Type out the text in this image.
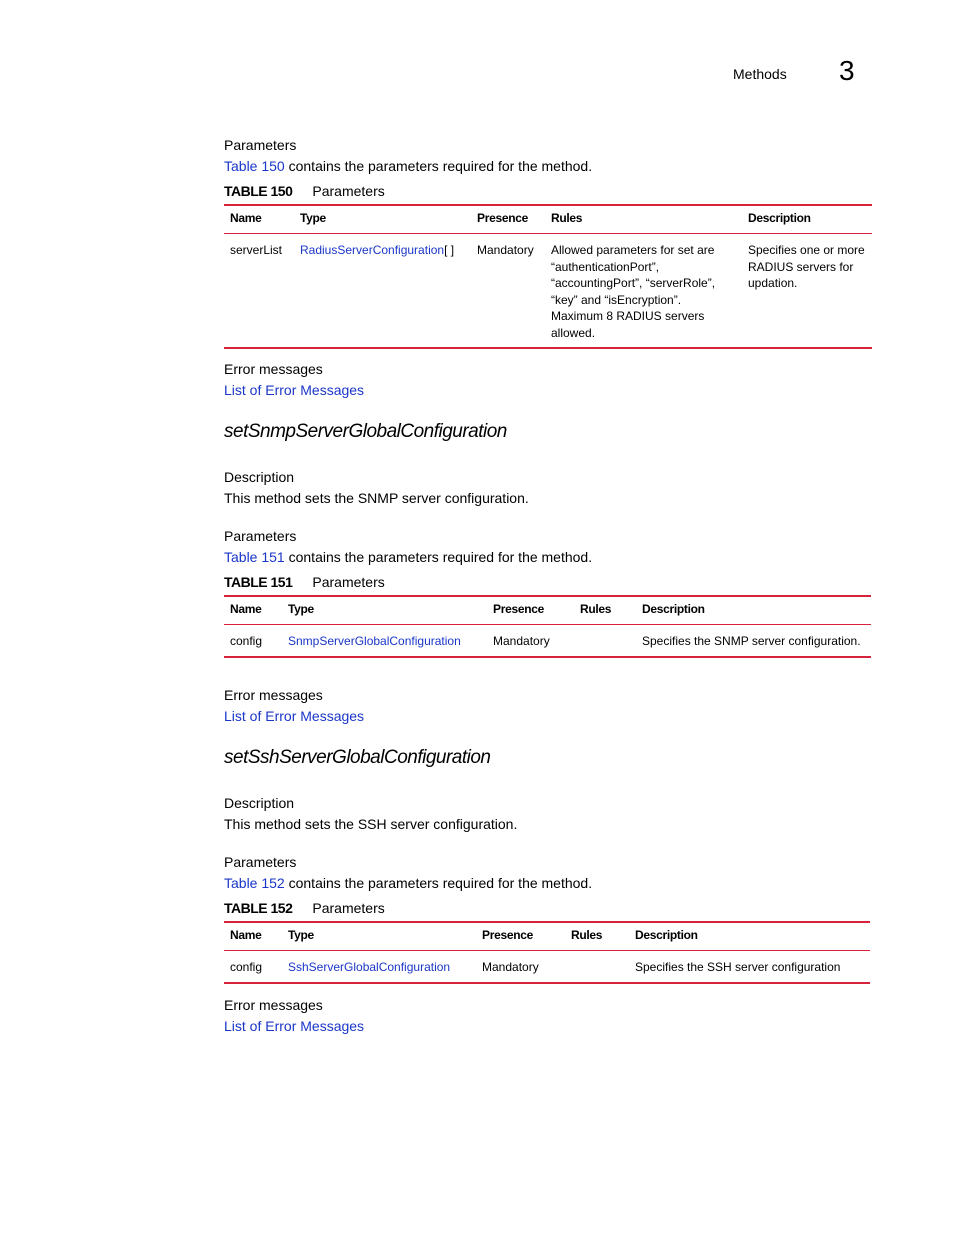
Methods 3
Parameters
Table 150 contains the parameters required for the method.
TABLE 150 Parameters
Name	Type	Presence	Rules	Description
serverList	RadiusServerConfiguration[ ]	Mandatory	Allowed parameters for set are “authenticationPort”, “accountingPort”, “serverRole”, “key” and “isEncryption”. Maximum 8 RADIUS servers allowed.	Specifies one or more RADIUS servers for updation.
Error messages
List of Error Messages
setSnmpServerGlobalConfiguration
Description
This method sets the SNMP server configuration.
Parameters
Table 151 contains the parameters required for the method.
TABLE 151 Parameters
Name	Type	Presence	Rules	Description
config	SnmpServerGlobalConfiguration	Mandatory		Specifies the SNMP server configuration.
Error messages
List of Error Messages
setSshServerGlobalConfiguration
Description
This method sets the SSH server configuration.
Parameters
Table 152 contains the parameters required for the method.
TABLE 152 Parameters
Name	Type	Presence	Rules	Description
config	SshServerGlobalConfiguration	Mandatory		Specifies the SSH server configuration
Error messages
List of Error Messages
